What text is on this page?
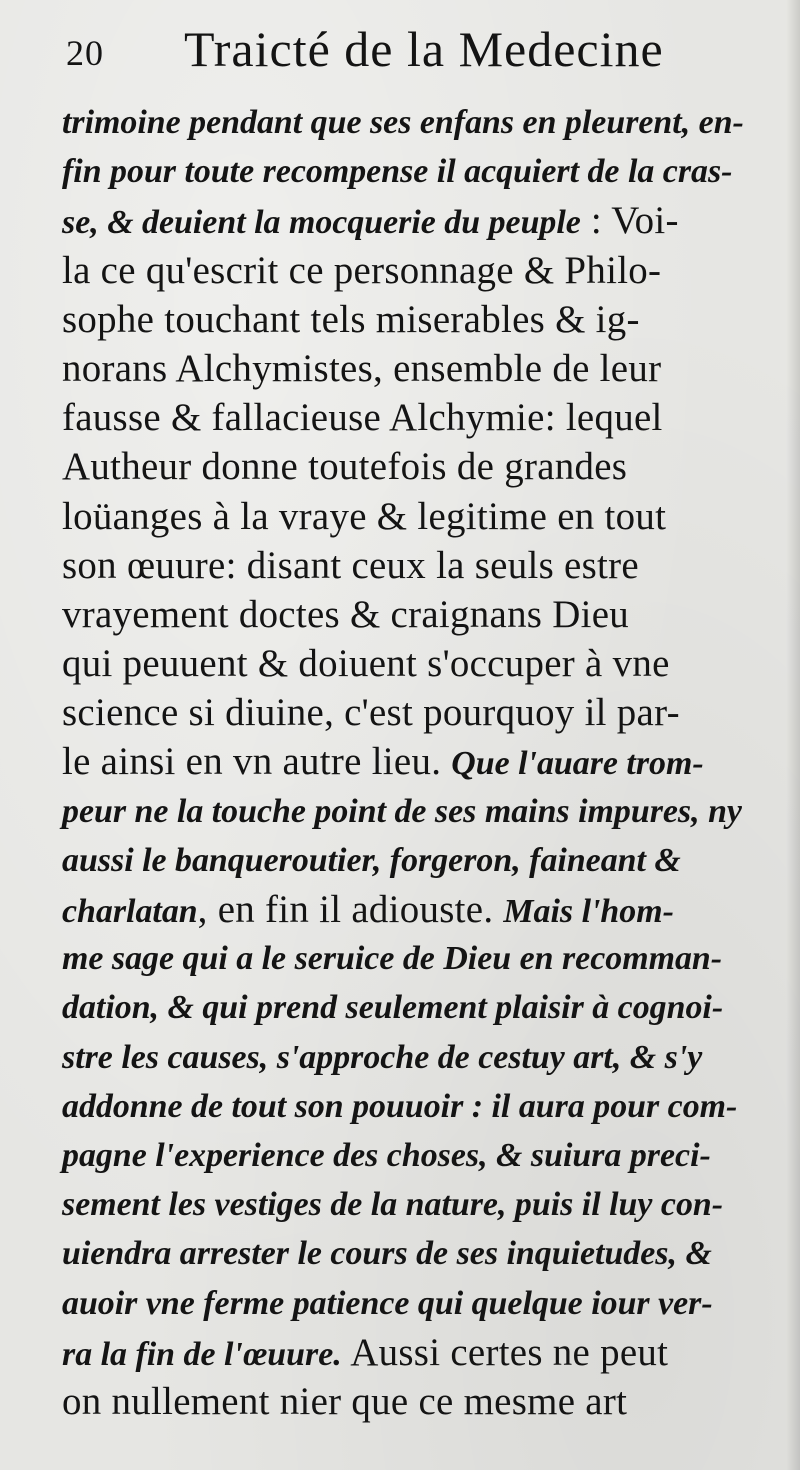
20 Traicté de la Medecine
trimoine pendant que ses enfans en pleurent, en-
fin pour toute recompense il acquiert de la cras-
se, & deuient la mocquerie du peuple : Voi-
la ce qu'escrit ce personnage & Philo-
sophe touchant tels miserables & ig-
norans Alchymistes, ensemble de leur
fausse & fallacieuse Alchymie: lequel
Autheur donne toutefois de grandes
loüanges à la vraye & legitime en tout
son œuure: disant ceux la seuls estre
vrayement doctes & craignans Dieu
qui peuuent & doiuent s'occuper à vne
science si diuine, c'est pourquoy il par-
le ainsi en vn autre lieu. Que l'auare trom-
peur ne la touche point de ses mains impures, ny
aussi le banqueroutier, forgeron, faineant &
charlatan, en fin il adiouste. Mais l'hom-
me sage qui a le seruice de Dieu en recomman-
dation, & qui prend seulement plaisir à cognoi-
stre les causes, s'approche de cestuy art, & s'y
addonne de tout son pouuoir : il aura pour com-
pagne l'experience des choses, & suiura preci-
sement les vestiges de la nature, puis il luy con-
uiendra arrester le cours de ses inquietudes, &
auoir vne ferme patience qui quelque iour ver-
ra la fin de l'œuure. Aussi certes ne peut
on nullement nier que ce mesme art
